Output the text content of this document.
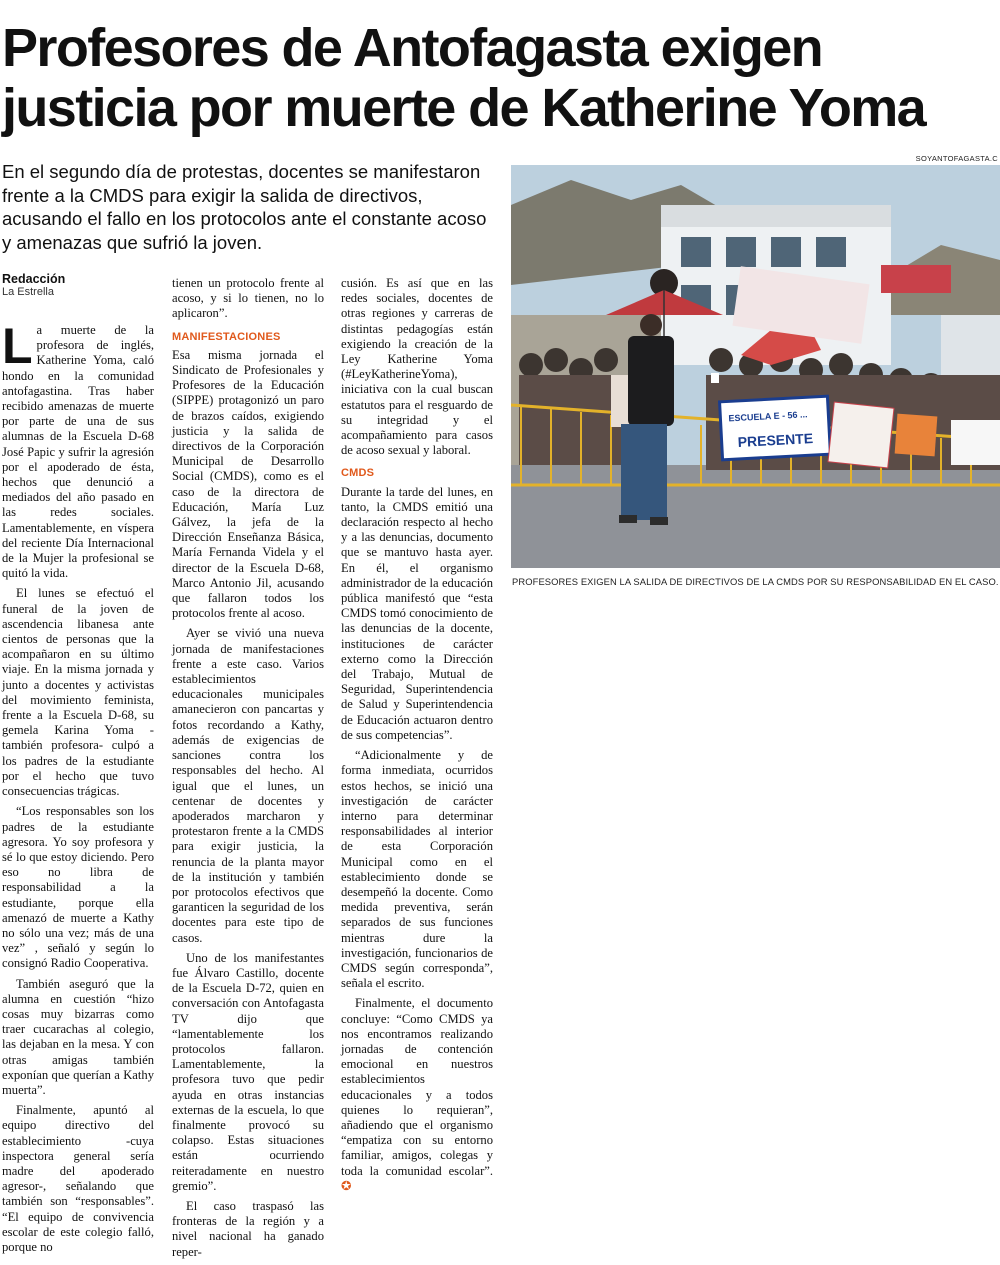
Profesores de Antofagasta exigen
justicia por muerte de Katherine Yoma

En el segundo día de protestas, docentes se manifestaron frente a la CMDS para exigir la salida de directivos, acusando el fallo en los protocolos ante el constante acoso y amenazas que sufrió la joven.

Redacción
La Estrella

La muerte de la profesora de inglés, Katherine Yoma, caló hondo en la comunidad antofagastina. Tras haber recibido amenazas de muerte por parte de una de sus alumnas de la Escuela D-68 José Papic y sufrir la agresión por el apoderado de ésta, hechos que denunció a mediados del año pasado en las redes sociales. Lamentablemente, en víspera del reciente Día Internacional de la Mujer la profesional se quitó la vida.

El lunes se efectuó el funeral de la joven de ascendencia libanesa ante cientos de personas que la acompañaron en su último viaje. En la misma jornada y junto a docentes y activistas del movimiento feminista, frente a la Escuela D-68, su gemela Karina Yoma -también profesora- culpó a los padres de la estudiante por el hecho que tuvo consecuencias trágicas.

“Los responsables son los padres de la estudiante agresora. Yo soy profesora y sé lo que estoy diciendo. Pero eso no libra de responsabilidad a la estudiante, porque ella amenazó de muerte a Kathy no sólo una vez; más de una vez” , señaló y según lo consignó Radio Cooperativa.

También aseguró que la alumna en cuestión “hizo cosas muy bizarras como traer cucarachas al colegio, las dejaban en la mesa. Y con otras amigas también exponían que querían a Kathy muerta”.

Finalmente, apuntó al equipo directivo del establecimiento -cuya inspectora general sería madre del apoderado agresor-, señalando que también son “responsables”. “El equipo de convivencia escolar de este colegio falló, porque no

tienen un protocolo frente al acoso, y si lo tienen, no lo aplicaron”.

MANIFESTACIONES

Esa misma jornada el Sindicato de Profesionales y Profesores de la Educación (SIPPE) protagonizó un paro de brazos caídos, exigiendo justicia y la salida de directivos de la Corporación Municipal de Desarrollo Social (CMDS), como es el caso de la directora de Educación, María Luz Gálvez, la jefa de la Dirección Enseñanza Básica, María Fernanda Videla y el director de la Escuela D-68, Marco Antonio Jil, acusando que fallaron todos los protocolos frente al acoso.

Ayer se vivió una nueva jornada de manifestaciones frente a este caso. Varios establecimientos educacionales municipales amanecieron con pancartas y fotos recordando a Kathy, además de exigencias de sanciones contra los responsables del hecho. Al igual que el lunes, un centenar de docentes y apoderados marcharon y protestaron frente a la CMDS para exigir justicia, la renuncia de la planta mayor de la institución y también por protocolos efectivos que garanticen la seguridad de los docentes para este tipo de casos.

Uno de los manifestantes fue Álvaro Castillo, docente de la Escuela D-72, quien en conversación con Antofagasta TV dijo que “lamentablemente los protocolos fallaron. Lamentablemente, la profesora tuvo que pedir ayuda en otras instancias externas de la escuela, lo que finalmente provocó su colapso. Estas situaciones están ocurriendo reiteradamente en nuestro gremio”.

El caso traspasó las fronteras de la región y a nivel nacional ha ganado reper-

cusión. Es así que en las redes sociales, docentes de otras regiones y carreras de distintas pedagogías están exigiendo la creación de la Ley Katherine Yoma (#LeyKatherineYoma), iniciativa con la cual buscan estatutos para el resguardo de su integridad y el acompañamiento para casos de acoso sexual y laboral.

CMDS

Durante la tarde del lunes, en tanto, la CMDS emitió una declaración respecto al hecho y a las denuncias, documento que se mantuvo hasta ayer. En él, el organismo administrador de la educación pública manifestó que “esta CMDS tomó conocimiento de las denuncias de la docente, instituciones de carácter externo como la Dirección del Trabajo, Mutual de Seguridad, Superintendencia de Salud y Superintendencia de Educación actuaron dentro de sus competencias”.

“Adicionalmente y de forma inmediata, ocurridos estos hechos, se inició una investigación de carácter interno para determinar responsabilidades al interior de esta Corporación Municipal como en el establecimiento donde se desempeñó la docente. Como medida preventiva, serán separados de sus funciones mientras dure la investigación, funcionarios de CMDS según corresponda”, señala el escrito.

Finalmente, el documento concluye: “Como CMDS ya nos encontramos realizando jornadas de contención emocional en nuestros establecimientos educacionales y a todos quienes lo requieran”, añadiendo que el organismo “empatiza con su entorno familiar, amigos, colegas y toda la comunidad escolar”. ✪

SOYANTOFAGASTA.C
ESCUELA E - 56 ...
PRESENTE
PROFESORES EXIGEN LA SALIDA DE DIRECTIVOS DE LA CMDS POR SU RESPONSABILIDAD EN EL CASO.
